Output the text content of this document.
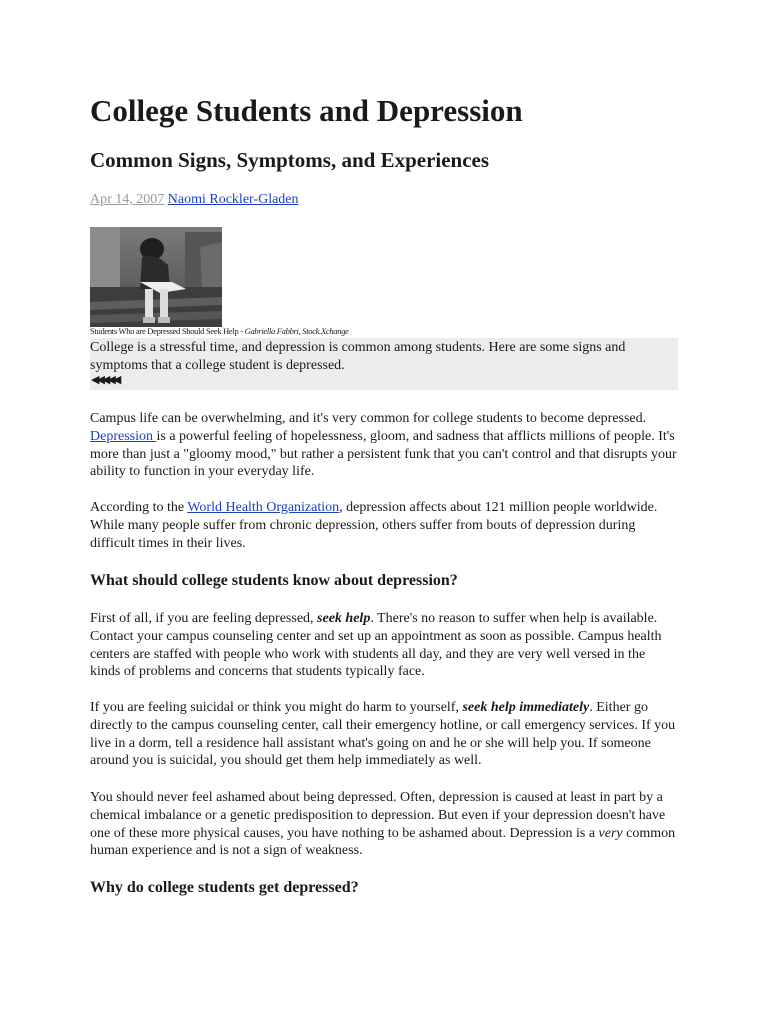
College Students and Depression
Common Signs, Symptoms, and Experiences
Apr 14, 2007 Naomi Rockler-Gladen
Students Who are Depressed Should Seek Help - Gabriella Fabbri, Stock.Xchange

College is a stressful time, and depression is common among students. Here are some signs and symptoms that a college student is depressed.

◀◀◀◀◀

Campus life can be overwhelming, and it's very common for college students to become depressed. Depression is a powerful feeling of hopelessness, gloom, and sadness that afflicts millions of people. It's more than just a "gloomy mood," but rather a persistent funk that you can't control and that disrupts your ability to function in your everyday life.

According to the World Health Organization, depression affects about 121 million people worldwide. While many people suffer from chronic depression, others suffer from bouts of depression during difficult times in their lives.

What should college students know about depression?

First of all, if you are feeling depressed, seek help. There's no reason to suffer when help is available. Contact your campus counseling center and set up an appointment as soon as possible. Campus health centers are staffed with people who work with students all day, and they are very well versed in the kinds of problems and concerns that students typically face.

If you are feeling suicidal or think you might do harm to yourself, seek help immediately. Either go directly to the campus counseling center, call their emergency hotline, or call emergency services. If you live in a dorm, tell a residence hall assistant what's going on and he or she will help you. If someone around you is suicidal, you should get them help immediately as well.

You should never feel ashamed about being depressed. Often, depression is caused at least in part by a chemical imbalance or a genetic predisposition to depression. But even if your depression doesn't have one of these more physical causes, you have nothing to be ashamed about. Depression is a very common human experience and is not a sign of weakness.

Why do college students get depressed?
